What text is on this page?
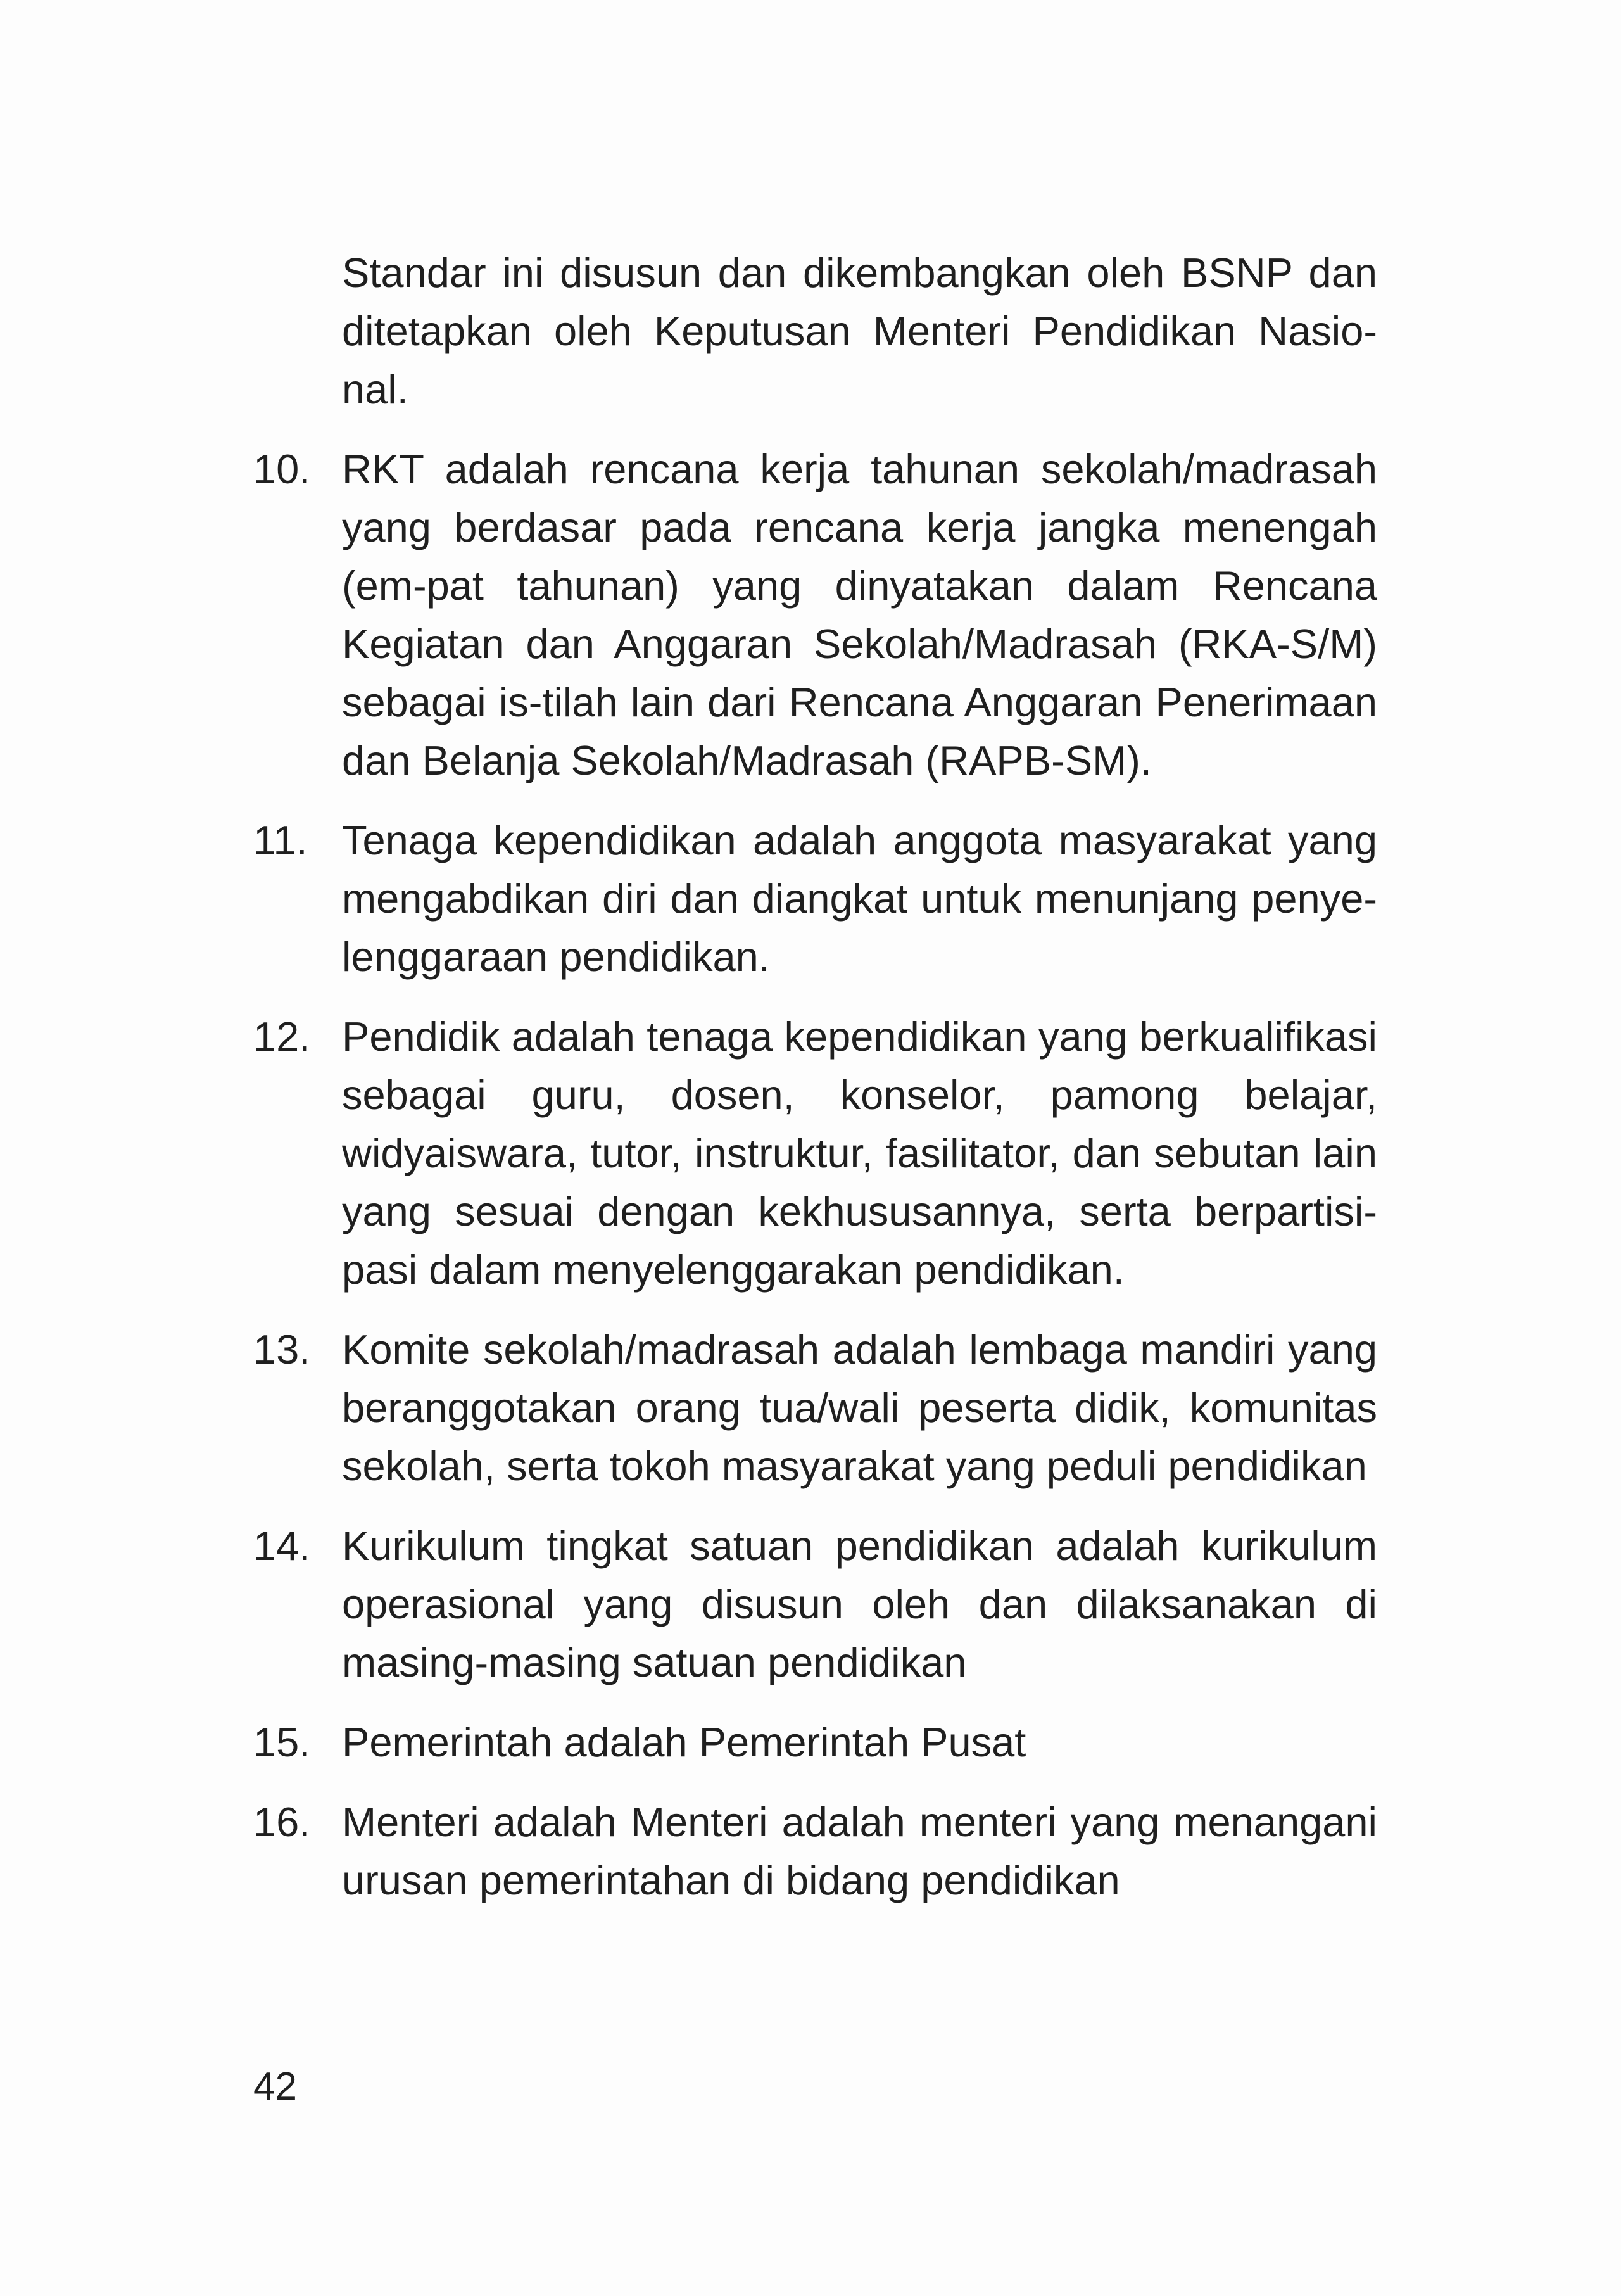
Standar ini disusun dan dikembangkan oleh BSNP dan ditetapkan oleh Keputusan Menteri Pendidikan Nasio-nal.

10. RKT adalah rencana kerja tahunan sekolah/madrasah yang berdasar pada rencana kerja jangka menengah (em-pat tahunan) yang dinyatakan dalam Rencana Kegiatan dan Anggaran Sekolah/Madrasah (RKA-S/M) sebagai is-tilah lain dari Rencana Anggaran Penerimaan dan Belanja Sekolah/Madrasah (RAPB-SM).

11. Tenaga kependidikan adalah anggota masyarakat yang mengabdikan diri dan diangkat untuk menunjang penye-lenggaraan pendidikan.

12. Pendidik adalah tenaga kependidikan yang berkualifikasi sebagai guru, dosen, konselor, pamong belajar, widyaiswara, tutor, instruktur, fasilitator, dan sebutan lain yang sesuai dengan kekhususannya, serta berpartisi-pasi dalam menyelenggarakan pendidikan.

13. Komite sekolah/madrasah adalah lembaga mandiri yang beranggotakan orang tua/wali peserta didik, komunitas sekolah, serta tokoh masyarakat yang peduli pendidikan

14. Kurikulum tingkat satuan pendidikan adalah kurikulum operasional yang disusun oleh dan dilaksanakan di masing-masing satuan pendidikan

15. Pemerintah adalah Pemerintah Pusat

16. Menteri adalah Menteri adalah menteri yang menangani urusan pemerintahan di bidang pendidikan

42
